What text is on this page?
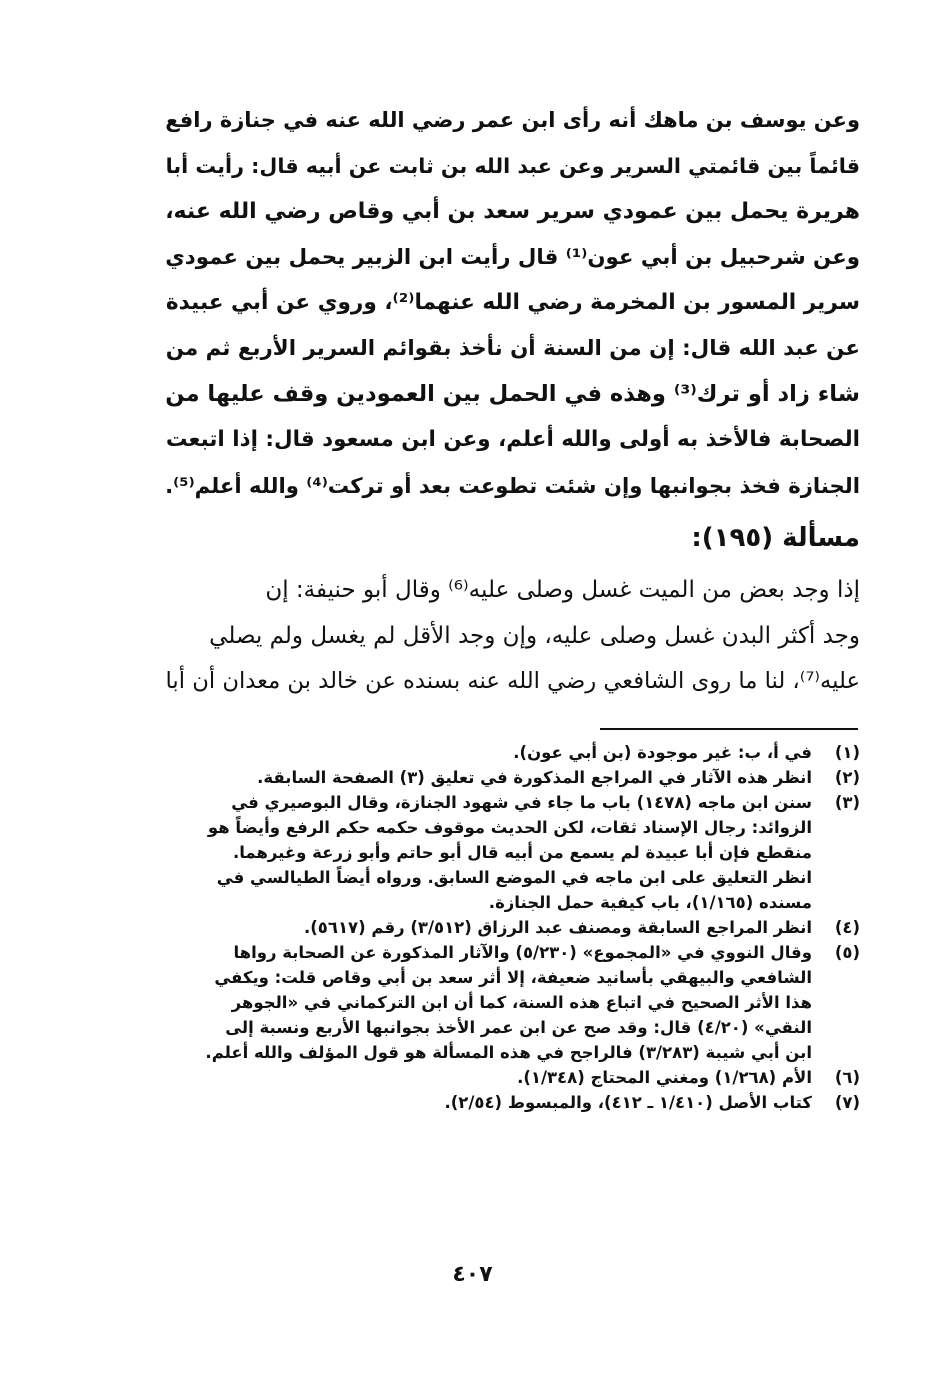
وعن يوسف بن ماهك أنه رأى ابن عمر رضي الله عنه في جنازة رافع
قائماً بين قائمتي السرير وعن عبد الله بن ثابت عن أبيه قال: رأيت أبا
هريرة يحمل بين عمودي سرير سعد بن أبي وقاص رضي الله عنه،
وعن شرحبيل بن أبي عون⁽¹⁾ قال رأيت ابن الزبير يحمل بين عمودي
سرير المسور بن المخرمة رضي الله عنهما⁽²⁾، وروي عن أبي عبيدة
عن عبد الله قال: إن من السنة أن نأخذ بقوائم السرير الأربع ثم من
شاء زاد أو ترك⁽³⁾ وهذه في الحمل بين العمودين وقف عليها من
الصحابة فالأخذ به أولى والله أعلم، وعن ابن مسعود قال: إذا اتبعت
الجنازة فخذ بجوانبها وإن شئت تطوعت بعد أو تركت⁽⁴⁾ والله أعلم⁽⁵⁾.
مسألة (١٩٥):
إذا وجد بعض من الميت غسل وصلى عليه⁽⁶⁾ وقال أبو حنيفة: إن
وجد أكثر البدن غسل وصلى عليه، وإن وجد الأقل لم يغسل ولم يصلي
عليه⁽⁷⁾، لنا ما روى الشافعي رضي الله عنه بسنده عن خالد بن معدان أن أبا
(١)
في أ، ب: غير موجودة (بن أبي عون).
(٢)
انظر هذه الآثار في المراجع المذكورة في تعليق (٣) الصفحة السابقة.
(٣)
سنن ابن ماجه (١٤٧٨) باب ما جاء في شهود الجنازة، وقال البوصيري في
الزوائد: رجال الإسناد ثقات، لكن الحديث موقوف حكمه حكم الرفع وأيضاً هو
منقطع فإن أبا عبيدة لم يسمع من أبيه قال أبو حاتم وأبو زرعة وغيرهما.
انظر التعليق على ابن ماجه في الموضع السابق. ورواه أيضاً الطيالسي في
مسنده (١/١٦٥)، باب كيفية حمل الجنازة.
(٤)
انظر المراجع السابقة ومصنف عبد الرزاق (٣/٥١٢) رقم (٥٦١٧).
(٥)
وقال النووي في «المجموع» (٥/٢٣٠) والآثار المذكورة عن الصحابة رواها
الشافعي والبيهقي بأسانيد ضعيفة، إلا أثر سعد بن أبي وقاص قلت: ويكفي
هذا الأثر الصحيح في اتباع هذه السنة، كما أن ابن التركماني في «الجوهر
النقي» (٤/٢٠) قال: وقد صح عن ابن عمر الأخذ بجوانبها الأربع ونسبة إلى
ابن أبي شيبة (٣/٢٨٣) فالراجح في هذه المسألة هو قول المؤلف والله أعلم.
(٦)
الأم (١/٢٦٨) ومغني المحتاج (١/٣٤٨).
(٧)
كتاب الأصل (١/٤١٠ ـ ٤١٢)، والمبسوط (٢/٥٤).
٤٠٧
